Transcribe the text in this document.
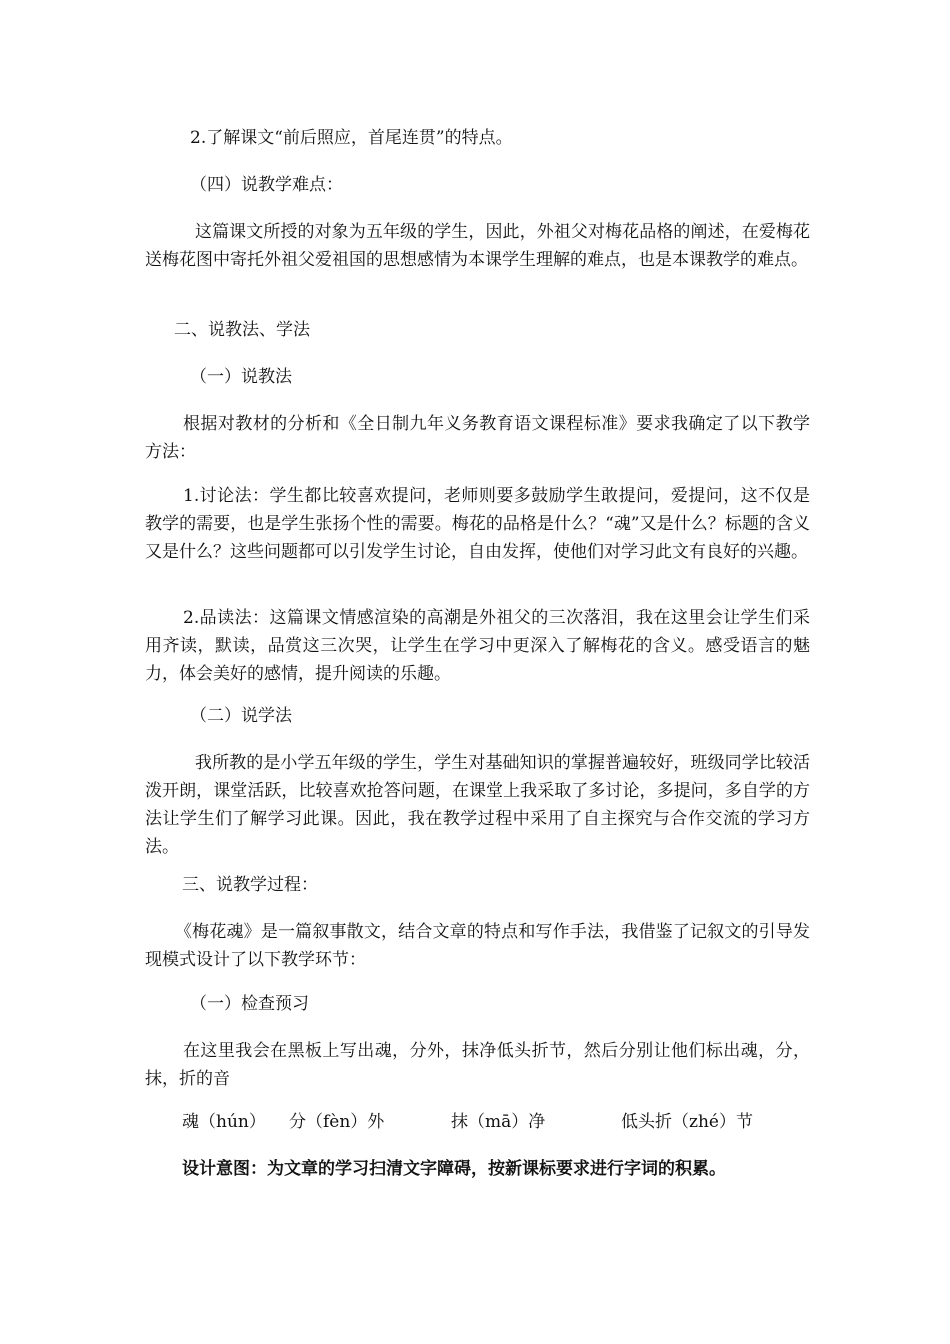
2.了解课文“前后照应，首尾连贯”的特点。

（四）说教学难点：

这篇课文所授的对象为五年级的学生，因此，外祖父对梅花品格的阐述，在爱梅花送梅花图中寄托外祖父爱祖国的思想感情为本课学生理解的难点，也是本课教学的难点。

二、说教法、学法

（一）说教法

根据对教材的分析和《全日制九年义务教育语文课程标准》要求我确定了以下教学方法：

1.讨论法：学生都比较喜欢提问，老师则要多鼓励学生敢提问，爱提问，这不仅是教学的需要，也是学生张扬个性的需要。梅花的品格是什么？“魂”又是什么？标题的含义又是什么？这些问题都可以引发学生讨论，自由发挥，使他们对学习此文有良好的兴趣。

2.品读法：这篇课文情感渲染的高潮是外祖父的三次落泪，我在这里会让学生们采用齐读，默读，品赏这三次哭，让学生在学习中更深入了解梅花的含义。感受语言的魅力，体会美好的感情，提升阅读的乐趣。

（二）说学法

我所教的是小学五年级的学生，学生对基础知识的掌握普遍较好，班级同学比较活泼开朗，课堂活跃，比较喜欢抢答问题，在课堂上我采取了多讨论，多提问，多自学的方法让学生们了解学习此课。因此，我在教学过程中采用了自主探究与合作交流的学习方法。

三、说教学过程：

《梅花魂》是一篇叙事散文，结合文章的特点和写作手法，我借鉴了记叙文的引导发现模式设计了以下教学环节：

（一）检查预习

在这里我会在黑板上写出魂，分外，抹净低头折节，然后分别让他们标出魂，分，抹，折的音

魂（hún） 分（fèn）外	抹（mā）净	低头折（zhé）节

设计意图：为文章的学习扫清文字障碍，按新课标要求进行字词的积累。
